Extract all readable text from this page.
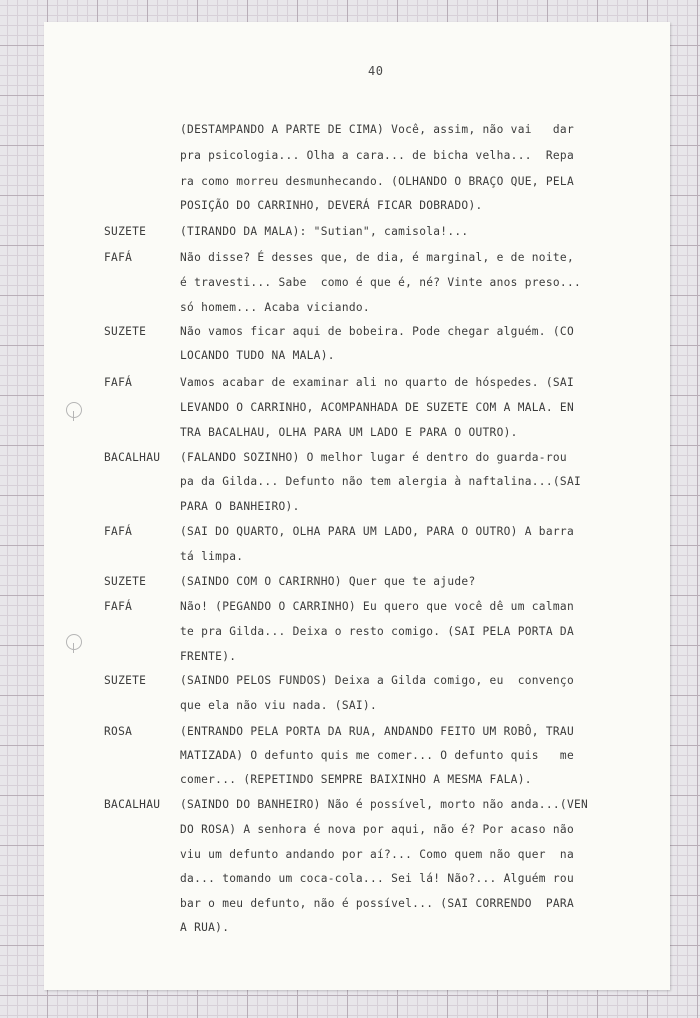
40
(DESTAMPANDO A PARTE DE CIMA) Você, assim, não vai   dar
pra psicologia... Olha a cara... de bicha velha...  Repa
ra como morreu desmunhecando. (OLHANDO O BRAÇO QUE, PELA
POSIÇÃO DO CARRINHO, DEVERÁ FICAR DOBRADO).
SUZETE	(TIRANDO DA MALA): "Sutian", camisola!...
FAFÁ	Não disse? É desses que, de dia, é marginal, e de noite,
é travesti... Sabe  como é que é, né? Vinte anos preso...
só homem... Acaba viciando.
SUZETE	Não vamos ficar aqui de bobeira. Pode chegar alguém. (CO
LOCANDO TUDO NA MALA).
FAFÁ	Vamos acabar de examinar ali no quarto de hóspedes. (SAI
LEVANDO O CARRINHO, ACOMPANHADA DE SUZETE COM A MALA. EN
TRA BACALHAU, OLHA PARA UM LADO E PARA O OUTRO).
BACALHAU (FALANDO SOZINHO) O melhor lugar é dentro do guarda-rou
pa da Gilda... Defunto não tem alergia à naftalina...(SAI
PARA O BANHEIRO).
FAFÁ	(SAI DO QUARTO, OLHA PARA UM LADO, PARA O OUTRO) A barra
tá limpa.
SUZETE	(SAINDO COM O CARIRNHO) Quer que te ajude?
FAFÁ	Não! (PEGANDO O CARRINHO) Eu quero que você dê um calman
te pra Gilda... Deixa o resto comigo. (SAI PELA PORTA DA
FRENTE).
SUZETE	(SAINDO PELOS FUNDOS) Deixa a Gilda comigo, eu  convenço
que ela não viu nada. (SAI).
ROSA	(ENTRANDO PELA PORTA DA RUA, ANDANDO FEITO UM ROBÔ, TRAU
MATIZADA) O defunto quis me comer... O defunto quis   me
comer... (REPETINDO SEMPRE BAIXINHO A MESMA FALA).
BACALHAU (SAINDO DO BANHEIRO) Não é possível, morto não anda...(VEN
DO ROSA) A senhora é nova por aqui, não é? Por acaso não
viu um defunto andando por aí?... Como quem não quer  na
da... tomando um coca-cola... Sei lá! Não?... Alguém rou
bar o meu defunto, não é possível... (SAI CORRENDO  PARA
A RUA).
